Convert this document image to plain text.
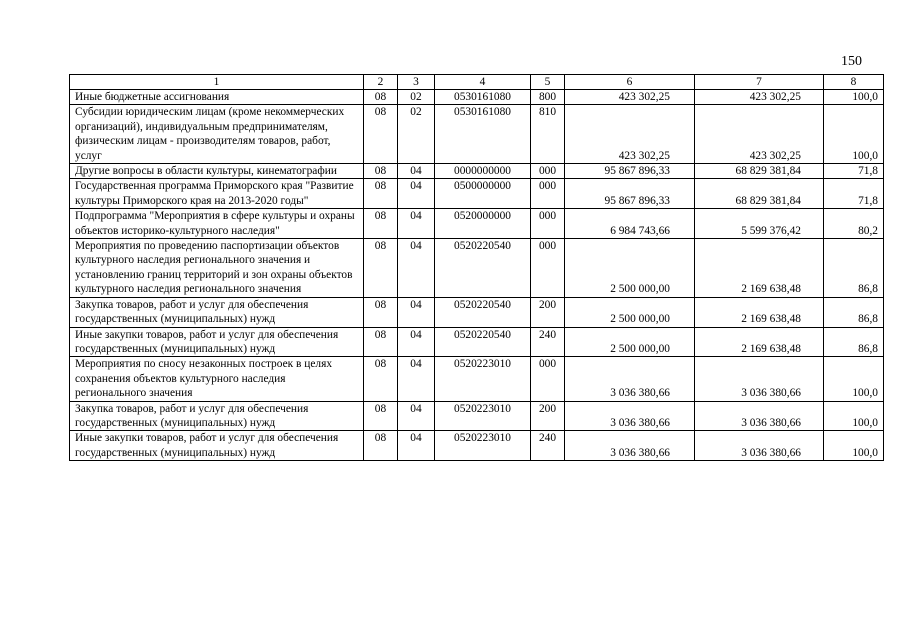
150
1	2	3	4	5	6	7	8
Иные бюджетные ассигнования	08	02	0530161080	800	423 302,25	423 302,25	100,0
Субсидии юридическим лицам (кроме некоммерческих организаций), индивидуальным предпринимателям, физическим лицам - производителям товаров, работ, услуг	08	02	0530161080	810	423 302,25	423 302,25	100,0
Другие вопросы в области культуры, кинематографии	08	04	0000000000	000	95 867 896,33	68 829 381,84	71,8
Государственная программа Приморского края "Развитие культуры Приморского края на 2013-2020 годы"	08	04	0500000000	000	95 867 896,33	68 829 381,84	71,8
Подпрограмма "Мероприятия в сфере культуры и охраны объектов историко-культурного наследия"	08	04	0520000000	000	6 984 743,66	5 599 376,42	80,2
Мероприятия по проведению паспортизации объектов культурного наследия регионального значения и установлению границ территорий и зон охраны объектов культурного наследия регионального значения	08	04	0520220540	000	2 500 000,00	2 169 638,48	86,8
Закупка товаров, работ и услуг для обеспечения государственных (муниципальных) нужд	08	04	0520220540	200	2 500 000,00	2 169 638,48	86,8
Иные закупки товаров, работ и услуг для обеспечения государственных (муниципальных) нужд	08	04	0520220540	240	2 500 000,00	2 169 638,48	86,8
Мероприятия по сносу незаконных построек в целях сохранения объектов культурного наследия регионального значения	08	04	0520223010	000	3 036 380,66	3 036 380,66	100,0
Закупка товаров, работ и услуг для обеспечения государственных (муниципальных) нужд	08	04	0520223010	200	3 036 380,66	3 036 380,66	100,0
Иные закупки товаров, работ и услуг для обеспечения государственных (муниципальных) нужд	08	04	0520223010	240	3 036 380,66	3 036 380,66	100,0
